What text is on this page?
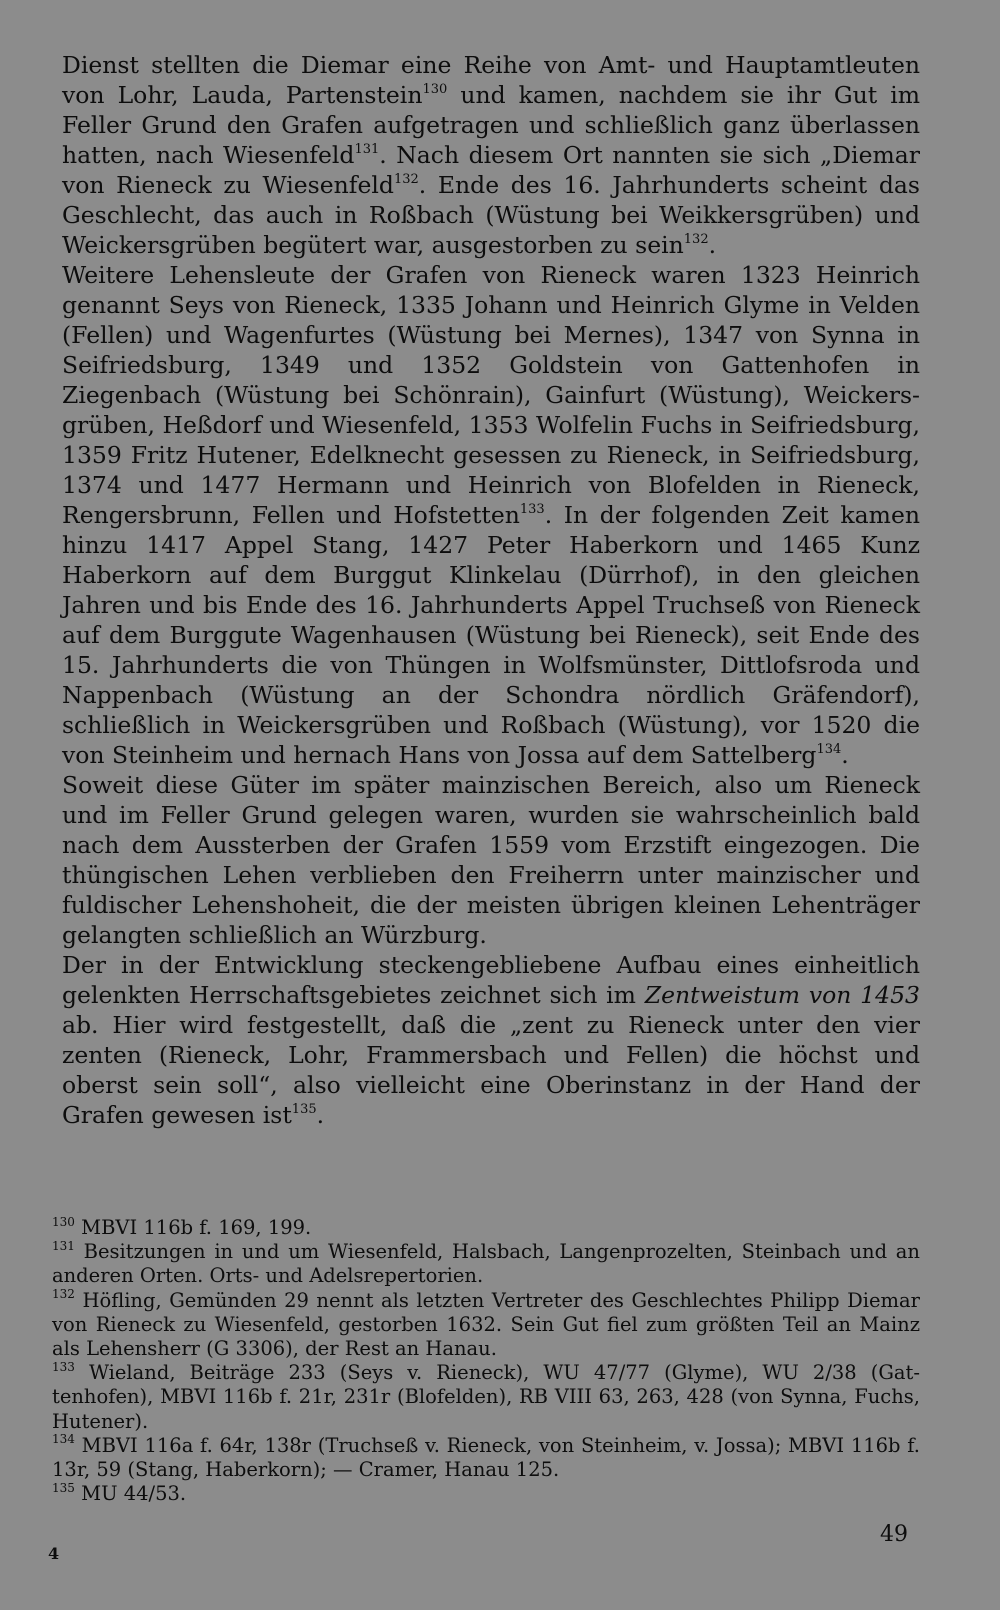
Dienst stellten die Diemar eine Reihe von Amt- und Hauptamtleuten von Lohr, Lauda, Partenstein$^{130}$ und kamen, nachdem sie ihr Gut im Feller Grund den Grafen aufgetragen und schließlich ganz überlassen hatten, nach Wiesenfeld$^{131}$. Nach diesem Ort nannten sie sich „Diemar von Rieneck zu Wiesenfeld$^{132}$. Ende des 16. Jahrhunderts scheint das Geschlecht, das auch in Roßbach (Wüstung bei Weikkersgrüben) und Weickersgrüben begütert war, ausgestorben zu sein$^{132}$.

Weitere Lehensleute der Grafen von Rieneck waren 1323 Heinrich genannt Seys von Rieneck, 1335 Johann und Heinrich Glyme in Velden (Fellen) und Wagenfurtes (Wüstung bei Mernes), 1347 von Synna in Seifriedsburg, 1349 und 1352 Goldstein von Gattenhofen in Ziegenbach (Wüstung bei Schönrain), Gainfurt (Wüstung), Weickersgrüben, Heßdorf und Wiesenfeld, 1353 Wolfelin Fuchs in Seifriedsburg, 1359 Fritz Hutener, Edelknecht gesessen zu Rieneck, in Seifriedsburg, 1374 und 1477 Hermann und Heinrich von Blofelden in Rieneck, Rengersbrunn, Fellen und Hofstetten$^{133}$. In der folgenden Zeit kamen hinzu 1417 Appel Stang, 1427 Peter Haberkorn und 1465 Kunz Haberkorn auf dem Burggut Klinkelau (Dürrhof), in den gleichen Jahren und bis Ende des 16. Jahrhunderts Appel Truchseß von Rieneck auf dem Burggute Wagenhausen (Wüstung bei Rieneck), seit Ende des 15. Jahrhunderts die von Thüngen in Wolfsmünster, Dittlofsroda und Nappenbach (Wüstung an der Schondra nördlich Gräfendorf), schließlich in Weickersgrüben und Roßbach (Wüstung), vor 1520 die von Steinheim und hernach Hans von Jossa auf dem Sattelberg$^{134}$.

Soweit diese Güter im später mainzischen Bereich, also um Rieneck und im Feller Grund gelegen waren, wurden sie wahrscheinlich bald nach dem Aussterben der Grafen 1559 vom Erzstift eingezogen. Die thüngischen Lehen verblieben den Freiherrn unter mainzischer und fuldischer Lehenshoheit, die der meisten übrigen kleinen Lehenträger gelangten schließlich an Würzburg.

Der in der Entwicklung steckengebliebene Aufbau eines einheitlich gelenkten Herrschaftsgebietes zeichnet sich im Zentweistum von 1453 ab. Hier wird festgestellt, daß die „zent zu Rieneck unter den vier zenten (Rieneck, Lohr, Frammersbach und Fellen) die höchst und oberst sein soll“, also vielleicht eine Oberinstanz in der Hand der Grafen gewesen ist$^{135}$.

$^{130}$ MBVI 116b f. 169, 199.

$^{131}$ Besitzungen in und um Wiesenfeld, Halsbach, Langenprozelten, Steinbach und an anderen Orten. Orts- und Adelsrepertorien.

$^{132}$ Höfling, Gemünden 29 nennt als letzten Vertreter des Geschlechtes Philipp Diemar von Rieneck zu Wiesenfeld, gestorben 1632. Sein Gut fiel zum größten Teil an Mainz als Lehensherr (G 3306), der Rest an Hanau.

$^{133}$ Wieland, Beiträge 233 (Seys v. Rieneck), WU 47/77 (Glyme), WU 2/38 (Gattenhofen), MBVI 116b f. 21r, 231r (Blofelden), RB VIII 63, 263, 428 (von Synna, Fuchs, Hutener).

$^{134}$ MBVI 116a f. 64r, 138r (Truchseß v. Rieneck, von Steinheim, v. Jossa); MBVI 116b f. 13r, 59 (Stang, Haberkorn); — Cramer, Hanau 125.

$^{135}$ MU 44/53.

49
4
